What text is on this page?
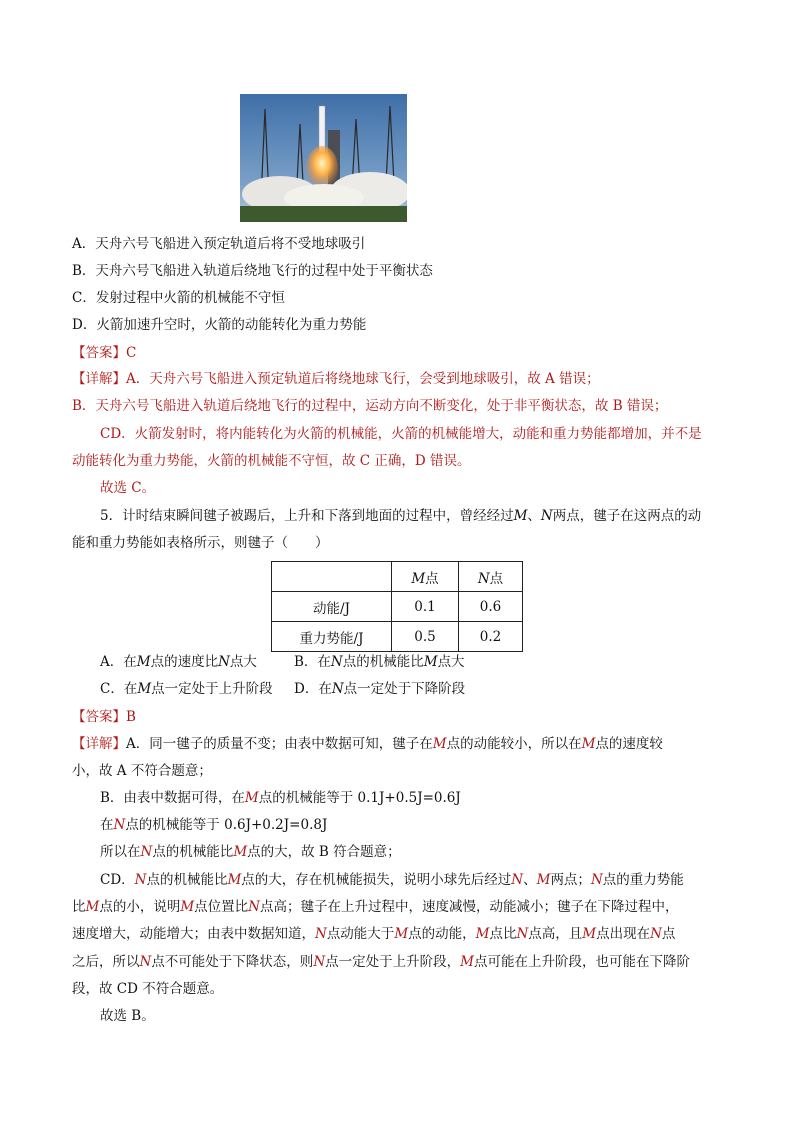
A．天舟六号飞船进入预定轨道后将不受地球吸引
B．天舟六号飞船进入轨道后绕地飞行的过程中处于平衡状态
C．发射过程中火箭的机械能不守恒
D．火箭加速升空时，火箭的动能转化为重力势能
【答案】C
【详解】A．天舟六号飞船进入预定轨道后将绕地球飞行，会受到地球吸引，故 A 错误；
B．天舟六号飞船进入轨道后绕地飞行的过程中，运动方向不断变化，处于非平衡状态，故 B 错误；
CD．火箭发射时，将内能转化为火箭的机械能，火箭的机械能增大，动能和重力势能都增加，并不是
动能转化为重力势能，火箭的机械能不守恒，故 C 正确，D 错误。
故选 C。
5．计时结束瞬间毽子被踢后，上升和下落到地面的过程中，曾经经过M、N两点，毽子在这两点的动
能和重力势能如表格所示，则毽子（　　）
	M点	N点
动能/J	0.1	0.6
重力势能/J	0.5	0.2
A．在M点的速度比N点大	B．在N点的机械能比M点大
C．在M点一定处于上升阶段 D．在N点一定处于下降阶段
【答案】B
【详解】A．同一毽子的质量不变；由表中数据可知，毽子在M点的动能较小，所以在M点的速度较
小，故 A 不符合题意；
B．由表中数据可得，在M点的机械能等于 0.1J+0.5J=0.6J
在N点的机械能等于 0.6J+0.2J=0.8J
所以在N点的机械能比M点的大，故 B 符合题意；
CD．N点的机械能比M点的大，存在机械能损失，说明小球先后经过N、M两点；N点的重力势能
比M点的小，说明M点位置比N点高；毽子在上升过程中，速度减慢，动能减小；毽子在下降过程中，
速度增大，动能增大；由表中数据知道，N点动能大于M点的动能，M点比N点高，且M点出现在N点
之后，所以N点不可能处于下降状态，则N点一定处于上升阶段，M点可能在上升阶段，也可能在下降阶
段，故 CD 不符合题意。
故选 B。
